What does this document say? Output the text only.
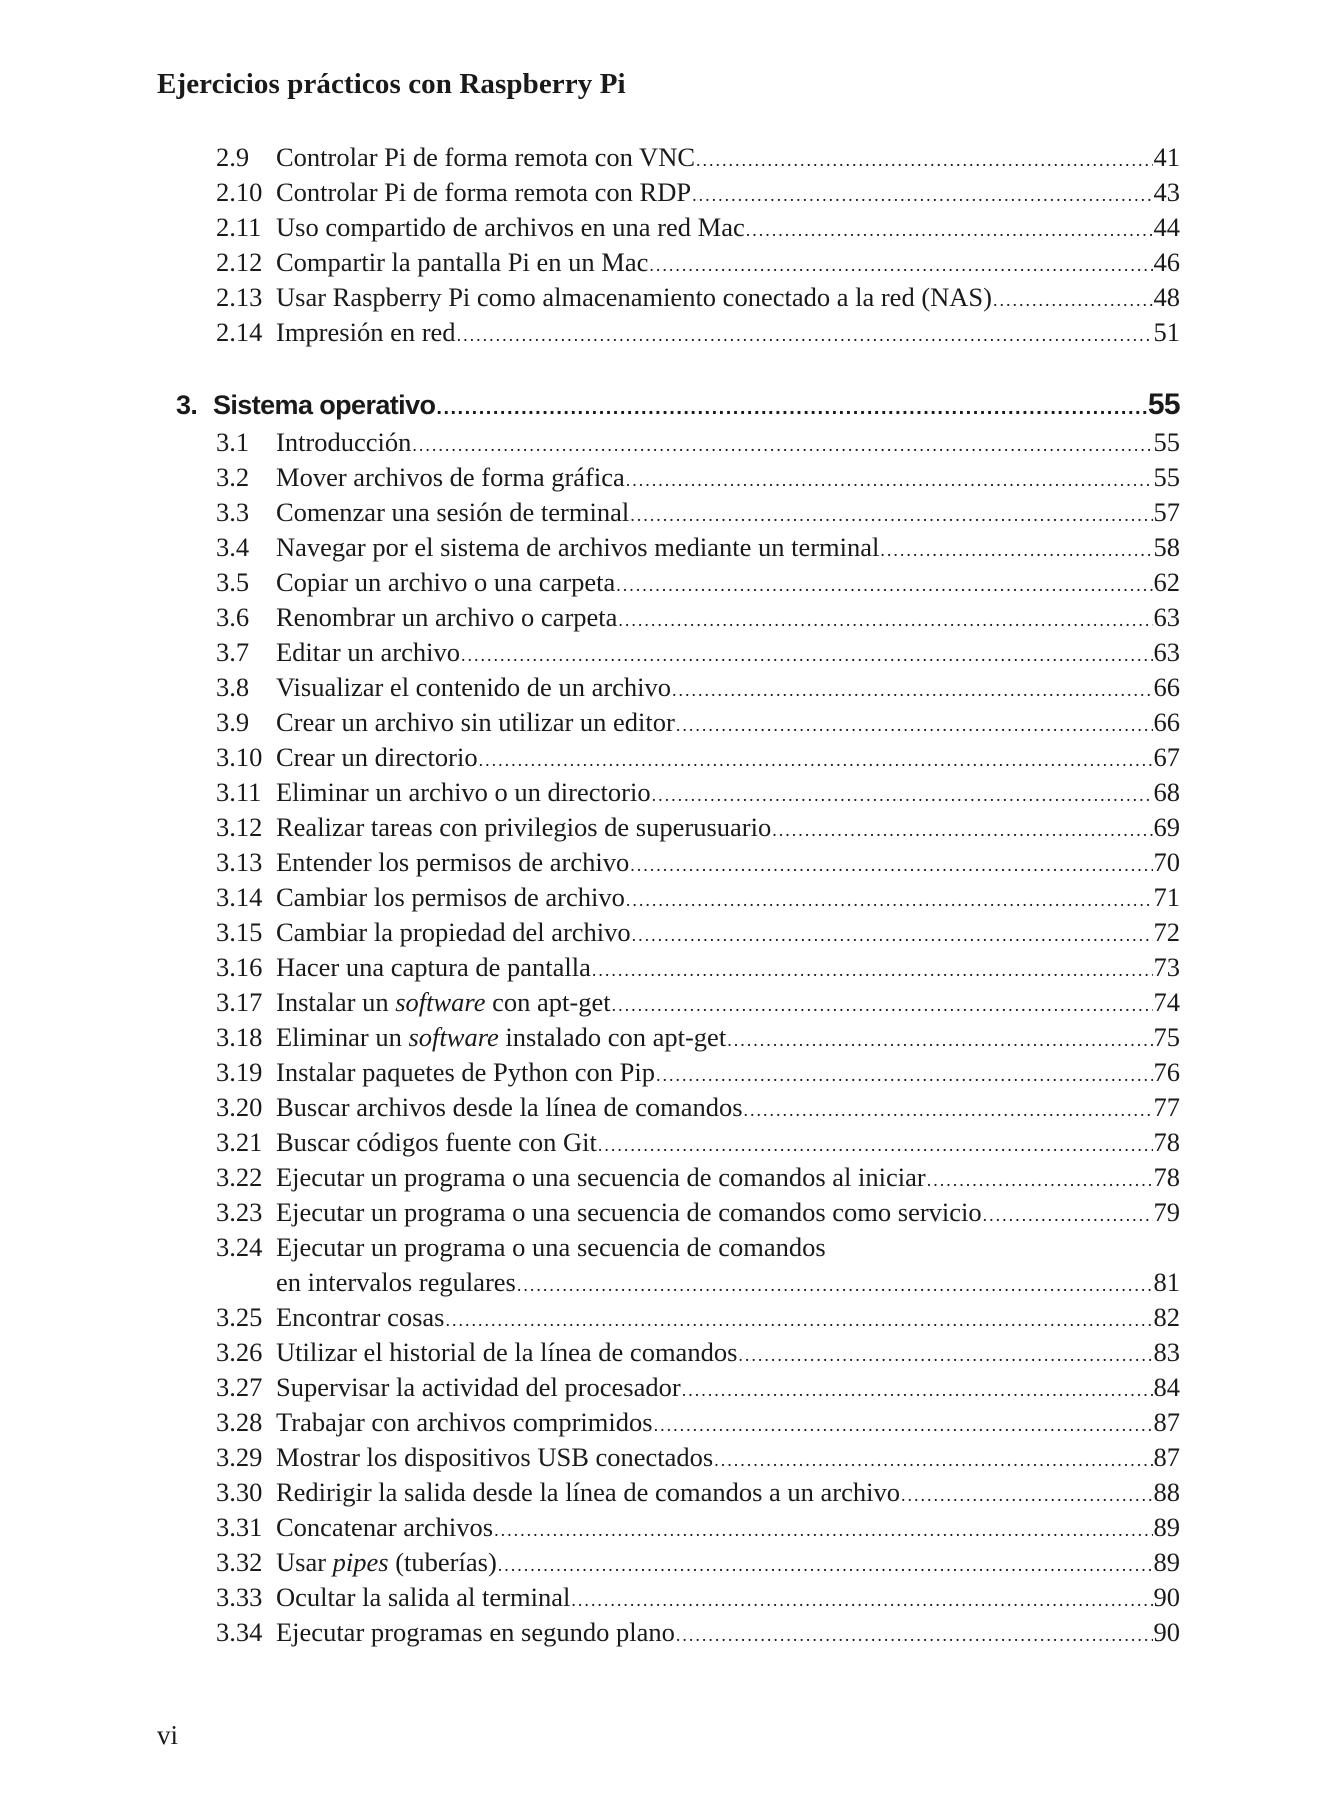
Ejercicios prácticos con Raspberry Pi
2.9 Controlar Pi de forma remota con VNC .....	41
2.10 Controlar Pi de forma remota con RDP .....	43
2.11 Uso compartido de archivos en una red Mac .....	44
2.12 Compartir la pantalla Pi en un Mac .....	46
2.13 Usar Raspberry Pi como almacenamiento conectado a la red (NAS) .....	48
2.14 Impresión en red .....	51
3. Sistema operativo .....	55
3.1 Introducción .....	55
3.2 Mover archivos de forma gráfica .....	55
3.3 Comenzar una sesión de terminal .....	57
3.4 Navegar por el sistema de archivos mediante un terminal .....	58
3.5 Copiar un archivo o una carpeta .....	62
3.6 Renombrar un archivo o carpeta .....	63
3.7 Editar un archivo .....	63
3.8 Visualizar el contenido de un archivo .....	66
3.9 Crear un archivo sin utilizar un editor .....	66
3.10 Crear un directorio .....	67
3.11 Eliminar un archivo o un directorio .....	68
3.12 Realizar tareas con privilegios de superusuario .....	69
3.13 Entender los permisos de archivo .....	70
3.14 Cambiar los permisos de archivo .....	71
3.15 Cambiar la propiedad del archivo .....	72
3.16 Hacer una captura de pantalla .....	73
3.17 Instalar un software con apt-get .....	74
3.18 Eliminar un software instalado con apt-get .....	75
3.19 Instalar paquetes de Python con Pip .....	76
3.20 Buscar archivos desde la línea de comandos .....	77
3.21 Buscar códigos fuente con Git .....	78
3.22 Ejecutar un programa o una secuencia de comandos al iniciar .....	78
3.23 Ejecutar un programa o una secuencia de comandos como servicio .....	79
3.24 Ejecutar un programa o una secuencia de comandos
en intervalos regulares .....	81
3.25 Encontrar cosas .....	82
3.26 Utilizar el historial de la línea de comandos .....	83
3.27 Supervisar la actividad del procesador .....	84
3.28 Trabajar con archivos comprimidos .....	87
3.29 Mostrar los dispositivos USB conectados .....	87
3.30 Redirigir la salida desde la línea de comandos a un archivo .....	88
3.31 Concatenar archivos .....	89
3.32 Usar pipes (tuberías) .....	89
3.33 Ocultar la salida al terminal .....	90
3.34 Ejecutar programas en segundo plano .....	90
vi
